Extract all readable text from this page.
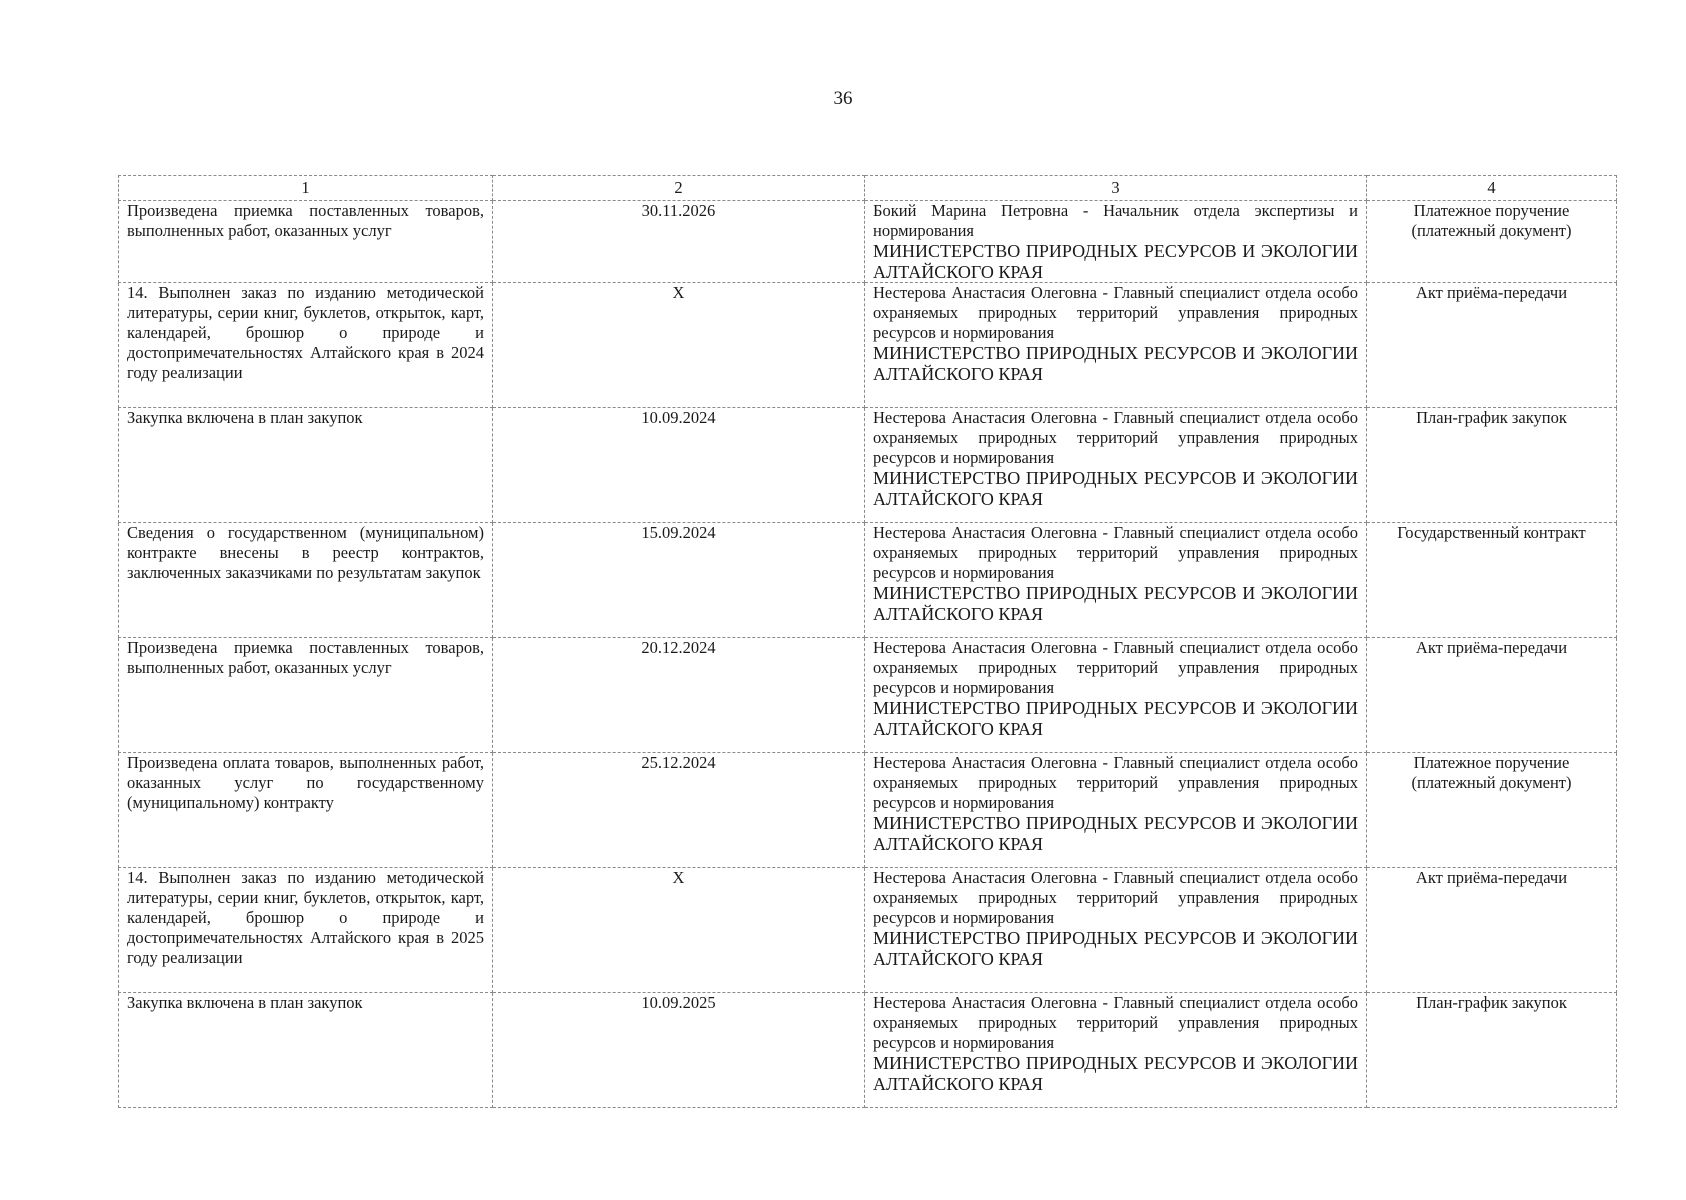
36
1	2	3	4
Произведена приемка поставленных товаров, выполненных работ, оказанных услуг	30.11.2026	Бокий Марина Петровна - Начальник отдела экспертизы и нормирования
МИНИСТЕРСТВО ПРИРОДНЫХ РЕСУРСОВ И ЭКОЛОГИИ АЛТАЙСКОГО КРАЯ	Платежное поручение (платежный документ)
14. Выполнен заказ по изданию методической литературы, серии книг, буклетов, открыток, карт, календарей, брошюр о природе и достопримечательностях Алтайского края в 2024 году реализации	Х	Нестерова Анастасия Олеговна - Главный специалист отдела особо охраняемых природных территорий управления природных ресурсов и нормирования
МИНИСТЕРСТВО ПРИРОДНЫХ РЕСУРСОВ И ЭКОЛОГИИ АЛТАЙСКОГО КРАЯ	Акт приёма-передачи
Закупка включена в план закупок	10.09.2024	Нестерова Анастасия Олеговна - Главный специалист отдела особо охраняемых природных территорий управления природных ресурсов и нормирования
МИНИСТЕРСТВО ПРИРОДНЫХ РЕСУРСОВ И ЭКОЛОГИИ АЛТАЙСКОГО КРАЯ	План-график закупок
Сведения о государственном (муниципальном) контракте внесены в реестр контрактов, заключенных заказчиками по результатам закупок	15.09.2024	Нестерова Анастасия Олеговна - Главный специалист отдела особо охраняемых природных территорий управления природных ресурсов и нормирования
МИНИСТЕРСТВО ПРИРОДНЫХ РЕСУРСОВ И ЭКОЛОГИИ АЛТАЙСКОГО КРАЯ	Государственный контракт
Произведена приемка поставленных товаров, выполненных работ, оказанных услуг	20.12.2024	Нестерова Анастасия Олеговна - Главный специалист отдела особо охраняемых природных территорий управления природных ресурсов и нормирования
МИНИСТЕРСТВО ПРИРОДНЫХ РЕСУРСОВ И ЭКОЛОГИИ АЛТАЙСКОГО КРАЯ	Акт приёма-передачи
Произведена оплата товаров, выполненных работ, оказанных услуг по государственному (муниципальному) контракту	25.12.2024	Нестерова Анастасия Олеговна - Главный специалист отдела особо охраняемых природных территорий управления природных ресурсов и нормирования
МИНИСТЕРСТВО ПРИРОДНЫХ РЕСУРСОВ И ЭКОЛОГИИ АЛТАЙСКОГО КРАЯ	Платежное поручение (платежный документ)
14. Выполнен заказ по изданию методической литературы, серии книг, буклетов, открыток, карт, календарей, брошюр о природе и достопримечательностях Алтайского края в 2025 году реализации	Х	Нестерова Анастасия Олеговна - Главный специалист отдела особо охраняемых природных территорий управления природных ресурсов и нормирования
МИНИСТЕРСТВО ПРИРОДНЫХ РЕСУРСОВ И ЭКОЛОГИИ АЛТАЙСКОГО КРАЯ	Акт приёма-передачи
Закупка включена в план закупок	10.09.2025	Нестерова Анастасия Олеговна - Главный специалист отдела особо охраняемых природных территорий управления природных ресурсов и нормирования
МИНИСТЕРСТВО ПРИРОДНЫХ РЕСУРСОВ И ЭКОЛОГИИ АЛТАЙСКОГО КРАЯ	План-график закупок
